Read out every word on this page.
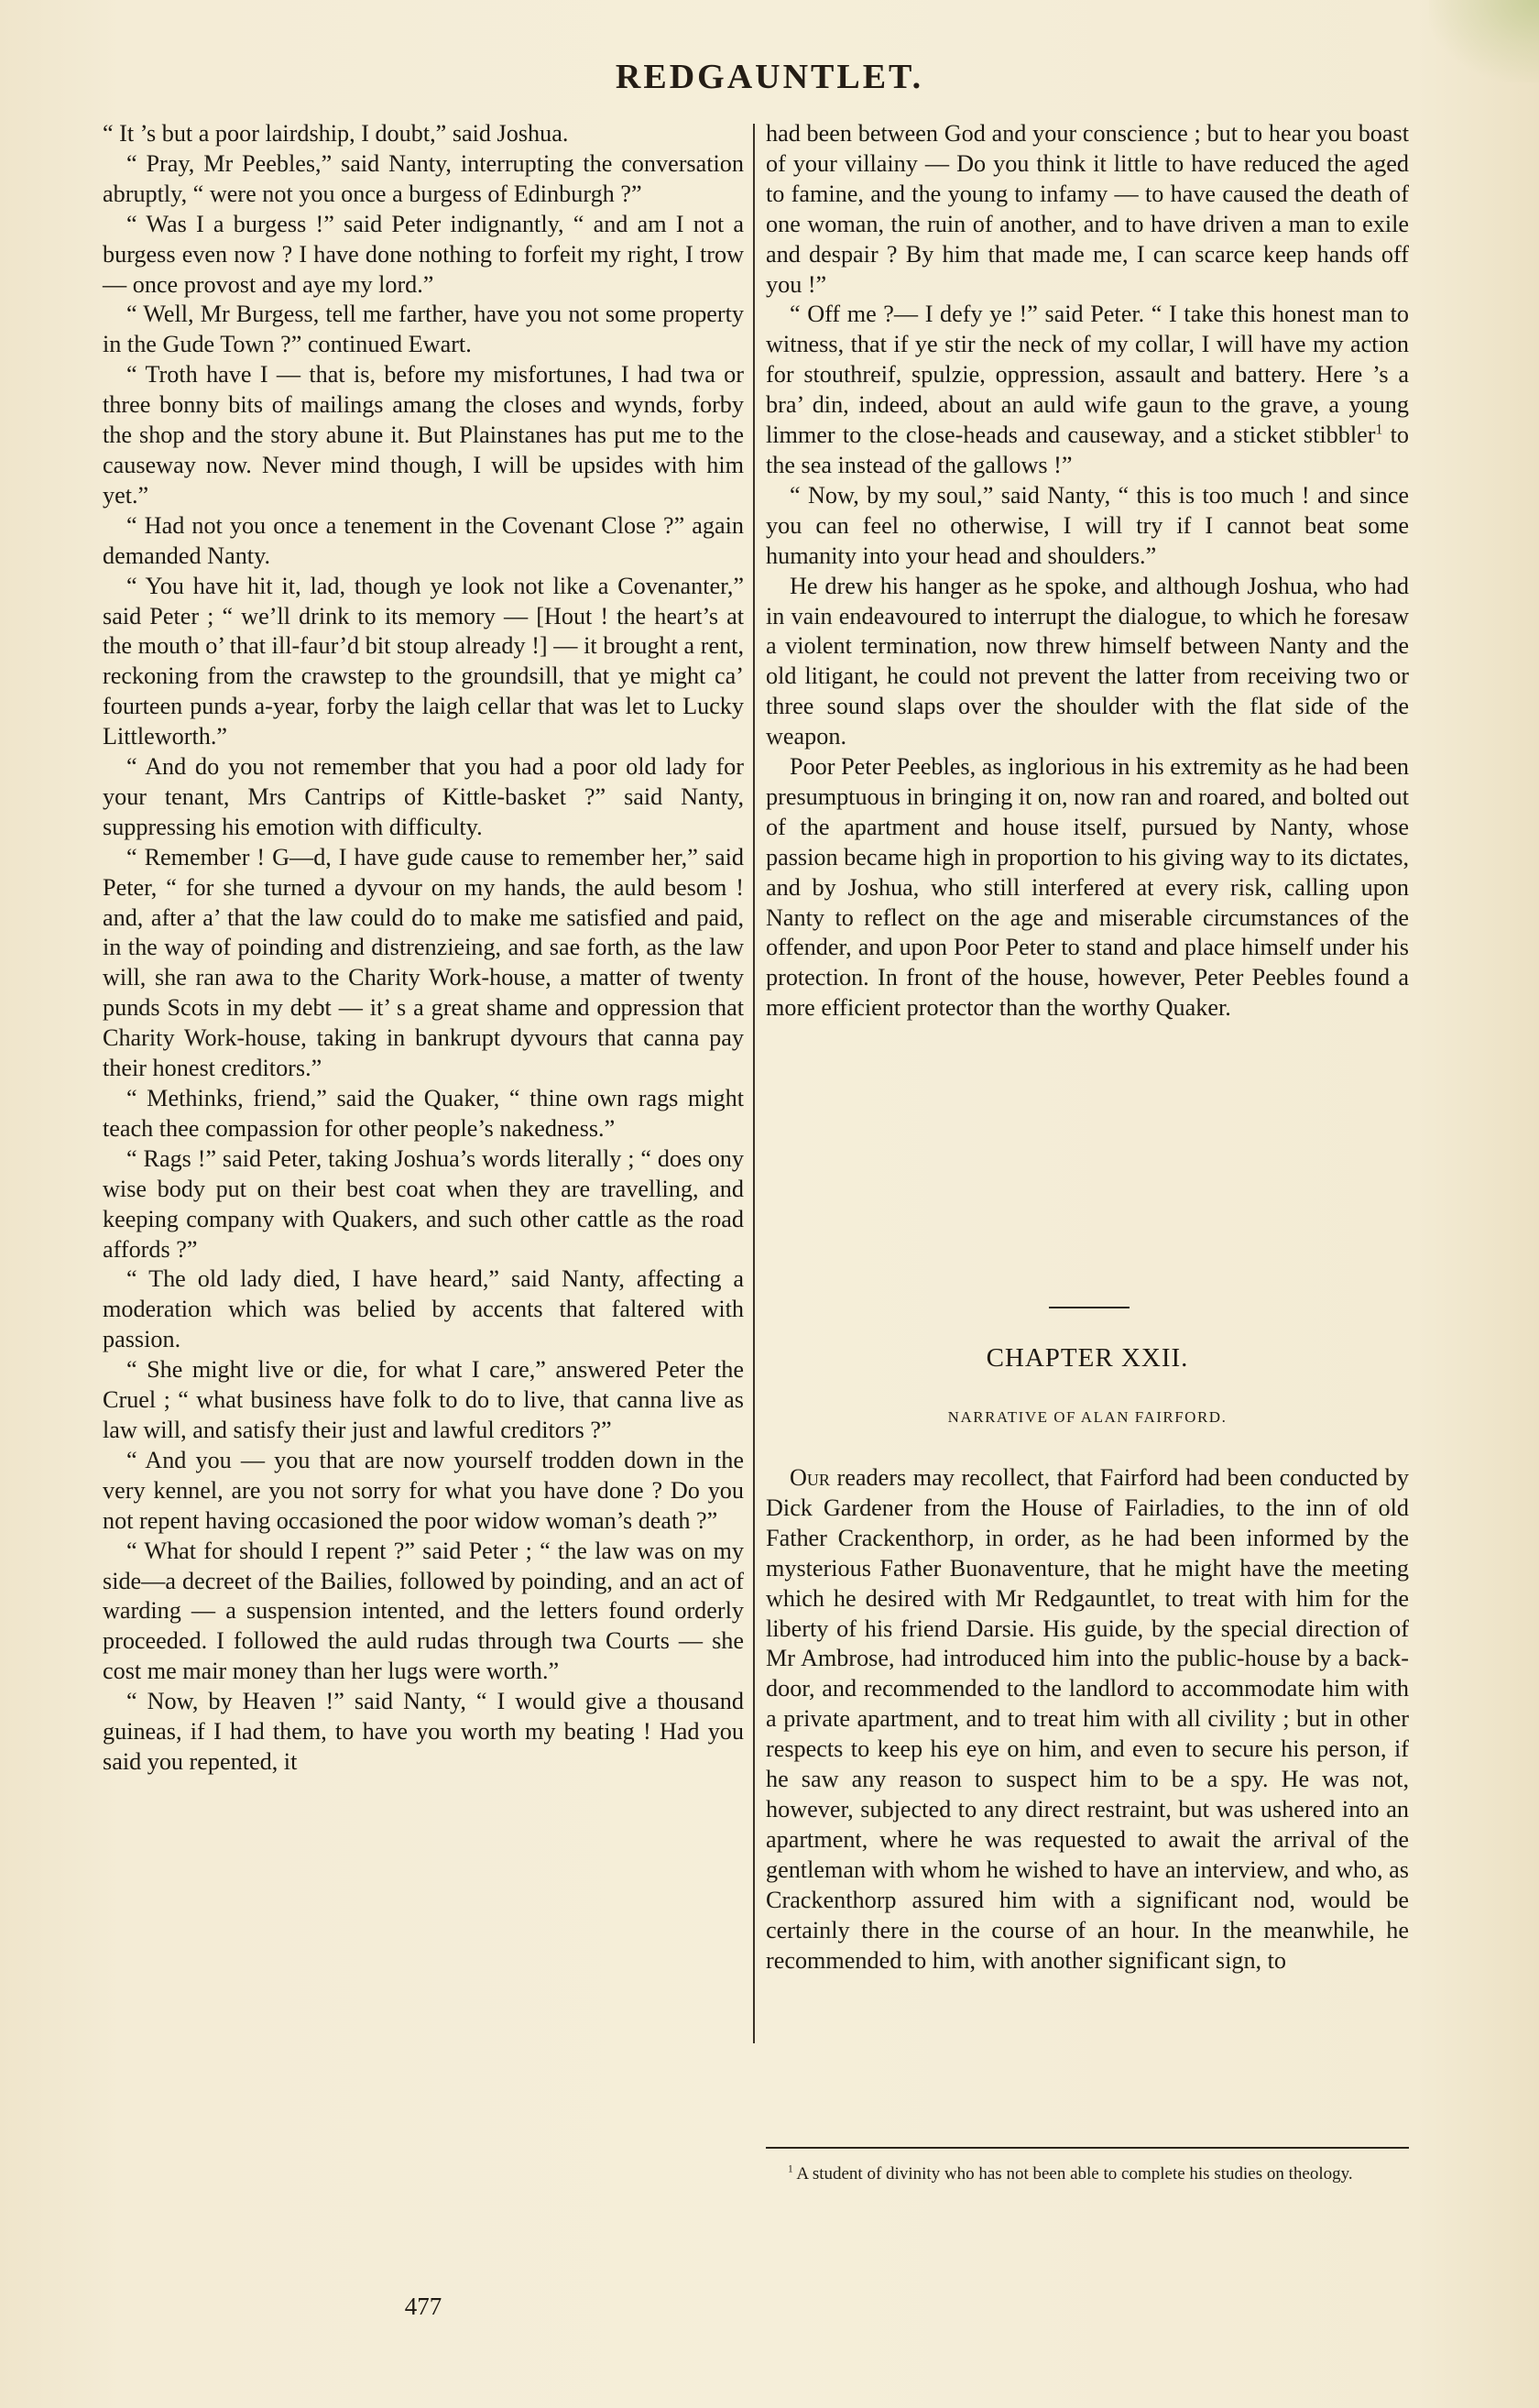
REDGAUNTLET.

“ It ’s but a poor lairdship, I doubt,” said Joshua.

“ Pray, Mr Peebles,” said Nanty, interrupting the conversation abruptly, “ were not you once a burgess of Edinburgh ?”

“ Was I a burgess !” said Peter indignantly, “ and am I not a burgess even now ? I have done nothing to forfeit my right, I trow — once provost and aye my lord.”

“ Well, Mr Burgess, tell me farther, have you not some property in the Gude Town ?” continued Ewart.

“ Troth have I — that is, before my misfortunes, I had twa or three bonny bits of mailings amang the closes and wynds, forby the shop and the story abune it. But Plainstanes has put me to the causeway now. Never mind though, I will be upsides with him yet.”

“ Had not you once a tenement in the Covenant Close ?” again demanded Nanty.

“ You have hit it, lad, though ye look not like a Covenanter,” said Peter ; “ we’ll drink to its memory — [Hout ! the heart’s at the mouth o’ that ill-faur’d bit stoup already !] — it brought a rent, reckoning from the crawstep to the groundsill, that ye might ca’ fourteen punds a-year, forby the laigh cellar that was let to Lucky Littleworth.”

“ And do you not remember that you had a poor old lady for your tenant, Mrs Cantrips of Kittle-basket ?” said Nanty, suppressing his emotion with difficulty.

“ Remember ! G—d, I have gude cause to remember her,” said Peter, “ for she turned a dyvour on my hands, the auld besom ! and, after a’ that the law could do to make me satisfied and paid, in the way of poinding and distrenzieing, and sae forth, as the law will, she ran awa to the Charity Work-house, a matter of twenty punds Scots in my debt — it’ s a great shame and oppression that Charity Work-house, taking in bankrupt dyvours that canna pay their honest creditors.”

“ Methinks, friend,” said the Quaker, “ thine own rags might teach thee compassion for other people’s nakedness.”

“ Rags !” said Peter, taking Joshua’s words literally ; “ does ony wise body put on their best coat when they are travelling, and keeping company with Quakers, and such other cattle as the road affords ?”

“ The old lady died, I have heard,” said Nanty, affecting a moderation which was belied by accents that faltered with passion.

“ She might live or die, for what I care,” answered Peter the Cruel ; “ what business have folk to do to live, that canna live as law will, and satisfy their just and lawful creditors ?”

“ And you — you that are now yourself trodden down in the very kennel, are you not sorry for what you have done ? Do you not repent having occasioned the poor widow woman’s death ?”

“ What for should I repent ?” said Peter ; “ the law was on my side—a decreet of the Bailies, followed by poinding, and an act of warding — a suspension intented, and the letters found orderly proceeded. I followed the auld rudas through twa Courts — she cost me mair money than her lugs were worth.”

“ Now, by Heaven !” said Nanty, “ I would give a thousand guineas, if I had them, to have you worth my beating ! Had you said you repented, it

477

had been between God and your conscience ; but to hear you boast of your villainy — Do you think it little to have reduced the aged to famine, and the young to infamy — to have caused the death of one woman, the ruin of another, and to have driven a man to exile and despair ? By him that made me, I can scarce keep hands off you !”

“ Off me ?— I defy ye !” said Peter. “ I take this honest man to witness, that if ye stir the neck of my collar, I will have my action for stouthreif, spulzie, oppression, assault and battery. Here ’s a bra’ din, indeed, about an auld wife gaun to the grave, a young limmer to the close-heads and causeway, and a sticket stibbler$^1$ to the sea instead of the gallows !”

“ Now, by my soul,” said Nanty, “ this is too much ! and since you can feel no otherwise, I will try if I cannot beat some humanity into your head and shoulders.”

He drew his hanger as he spoke, and although Joshua, who had in vain endeavoured to interrupt the dialogue, to which he foresaw a violent termination, now threw himself between Nanty and the old litigant, he could not prevent the latter from receiving two or three sound slaps over the shoulder with the flat side of the weapon.

Poor Peter Peebles, as inglorious in his extremity as he had been presumptuous in bringing it on, now ran and roared, and bolted out of the apartment and house itself, pursued by Nanty, whose passion became high in proportion to his giving way to its dictates, and by Joshua, who still interfered at every risk, calling upon Nanty to reflect on the age and miserable circumstances of the offender, and upon Poor Peter to stand and place himself under his protection. In front of the house, however, Peter Peebles found a more efficient protector than the worthy Quaker.

CHAPTER XXII.
NARRATIVE OF ALAN FAIRFORD.

Our readers may recollect, that Fairford had been conducted by Dick Gardener from the House of Fairladies, to the inn of old Father Crackenthorp, in order, as he had been informed by the mysterious Father Buonaventure, that he might have the meeting which he desired with Mr Redgauntlet, to treat with him for the liberty of his friend Darsie. His guide, by the special direction of Mr Ambrose, had introduced him into the public-house by a back-door, and recommended to the landlord to accommodate him with a private apartment, and to treat him with all civility ; but in other respects to keep his eye on him, and even to secure his person, if he saw any reason to suspect him to be a spy. He was not, however, subjected to any direct restraint, but was ushered into an apartment, where he was requested to await the arrival of the gentleman with whom he wished to have an interview, and who, as Crackenthorp assured him with a significant nod, would be certainly there in the course of an hour. In the meanwhile, he recommended to him, with another significant sign, to

$^1$ A student of divinity who has not been able to complete his studies on theology.
